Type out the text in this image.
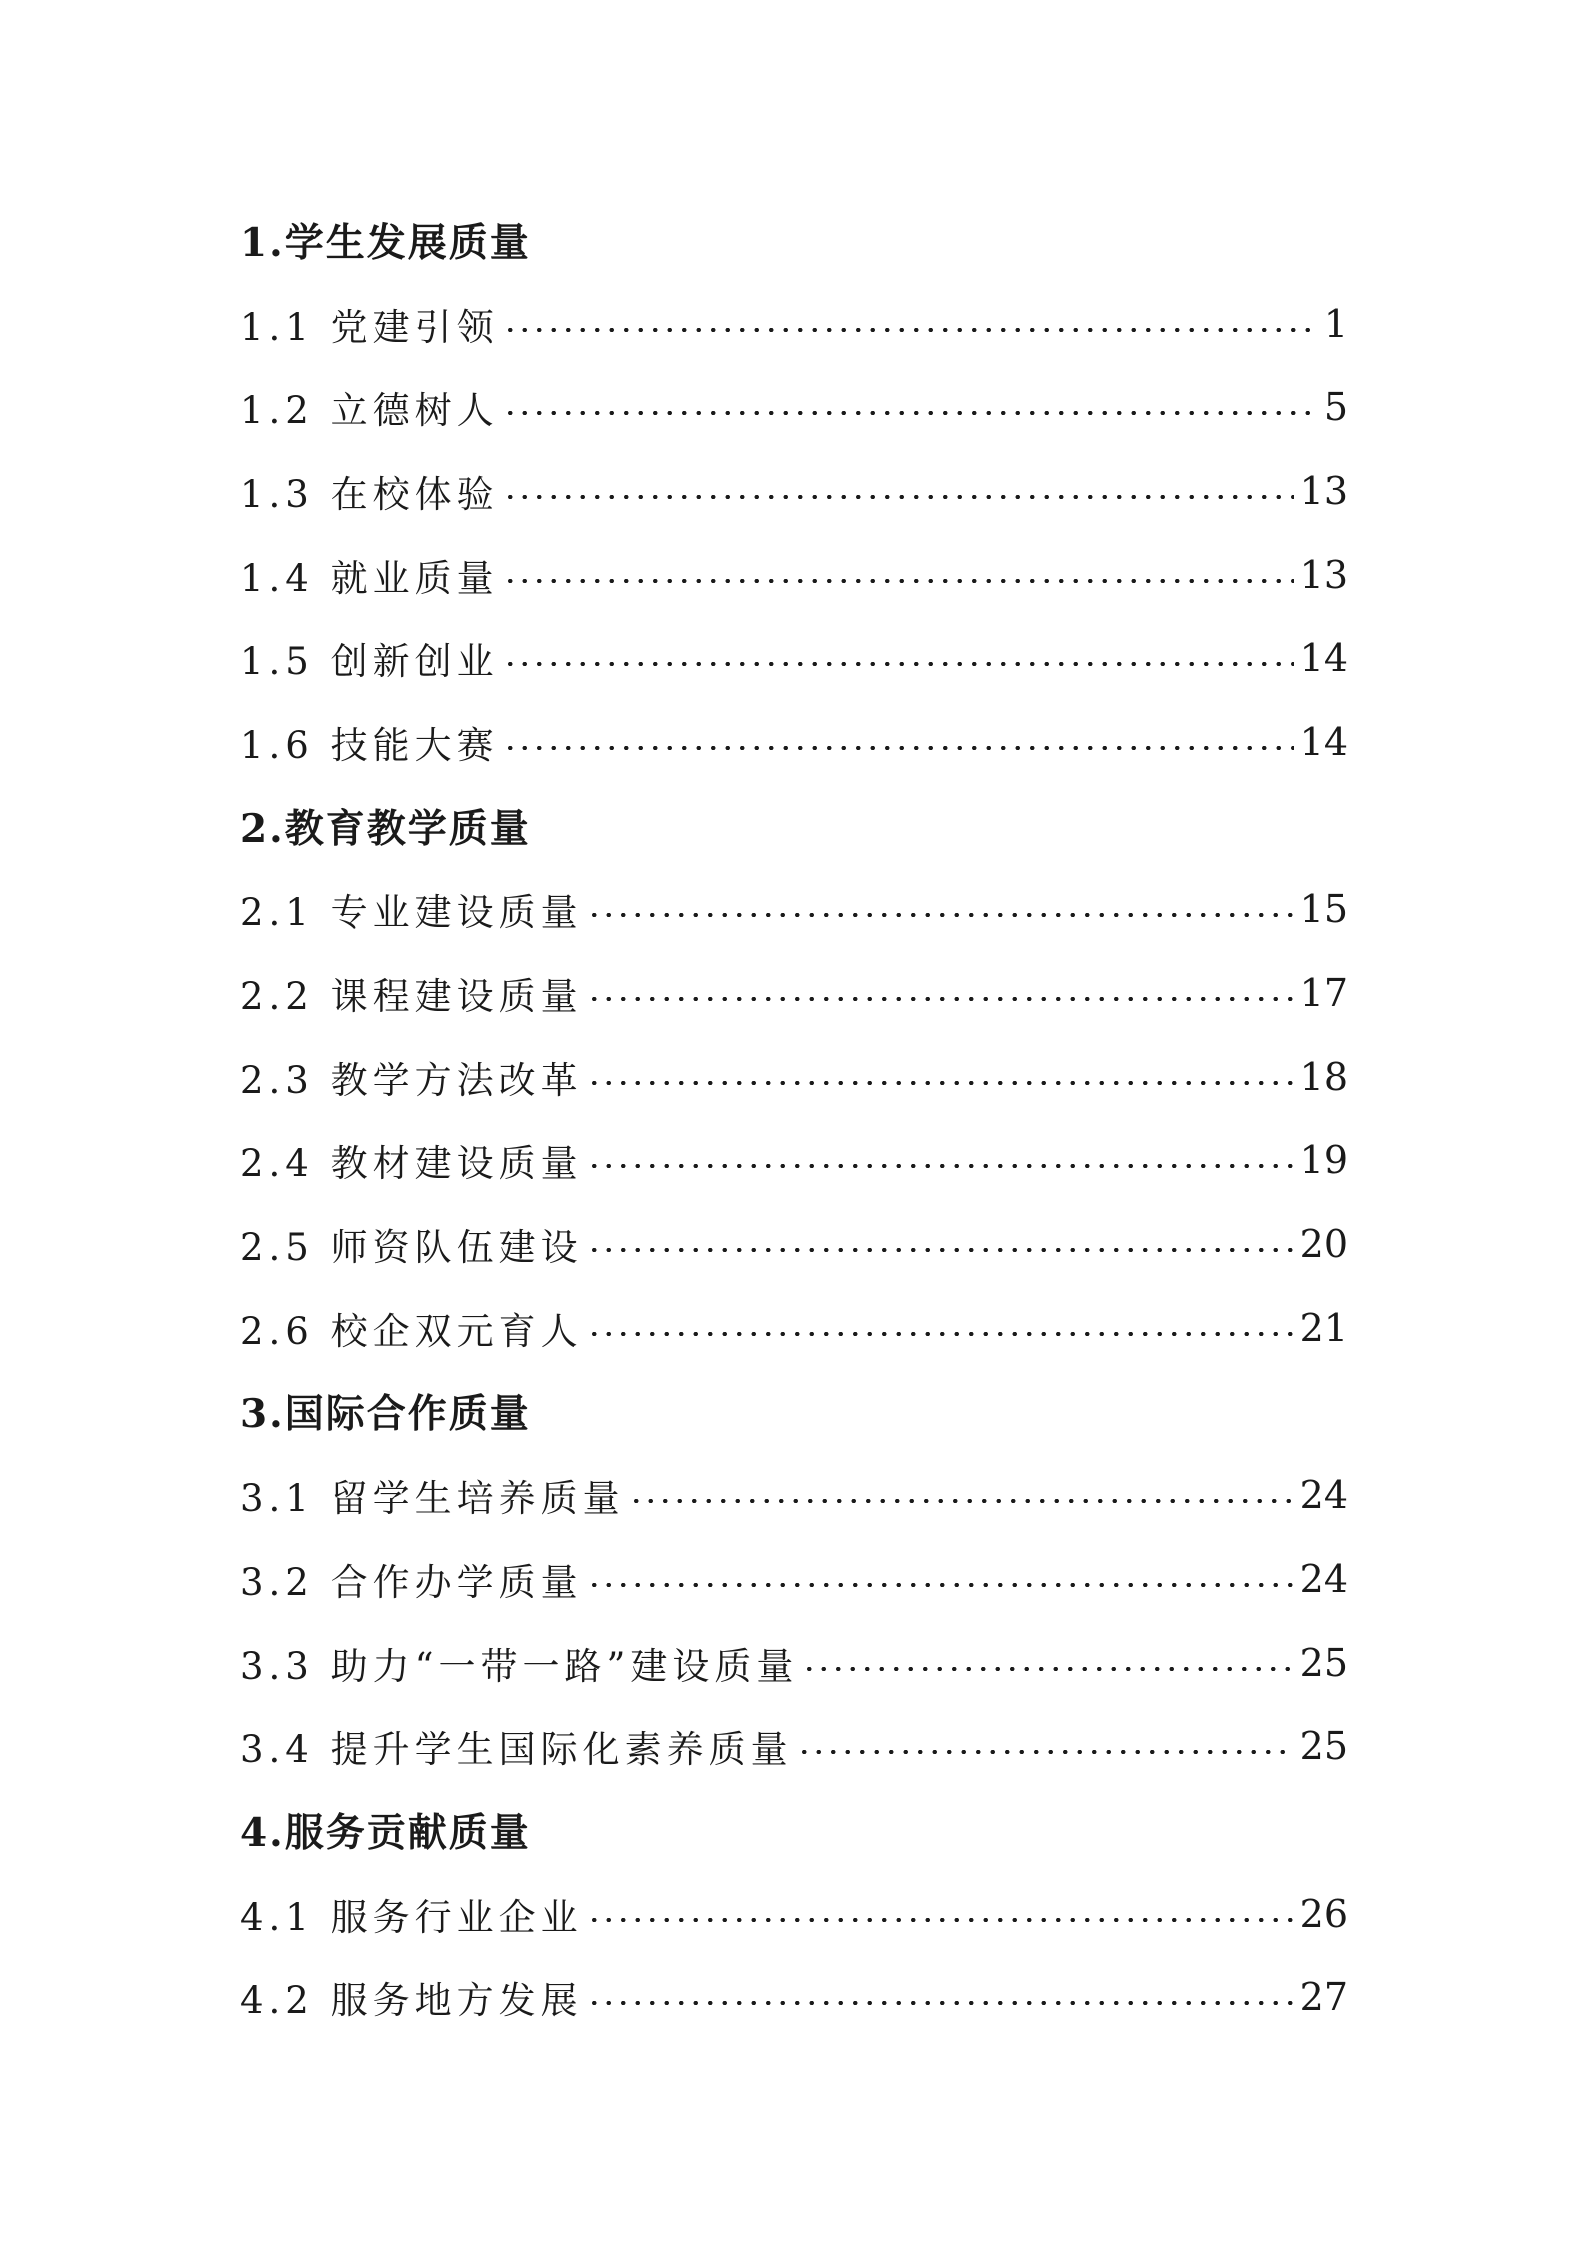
1.学生发展质量
1.1 党建引领	1
1.2 立德树人	5
1.3 在校体验	13
1.4 就业质量	13
1.5 创新创业	14
1.6 技能大赛	14
2.教育教学质量
2.1 专业建设质量	15
2.2 课程建设质量	17
2.3 教学方法改革	18
2.4 教材建设质量	19
2.5 师资队伍建设	20
2.6 校企双元育人	21
3.国际合作质量
3.1 留学生培养质量	24
3.2 合作办学质量	24
3.3 助力“一带一路”建设质量	25
3.4 提升学生国际化素养质量	25
4.服务贡献质量
4.1 服务行业企业	26
4.2 服务地方发展	27
